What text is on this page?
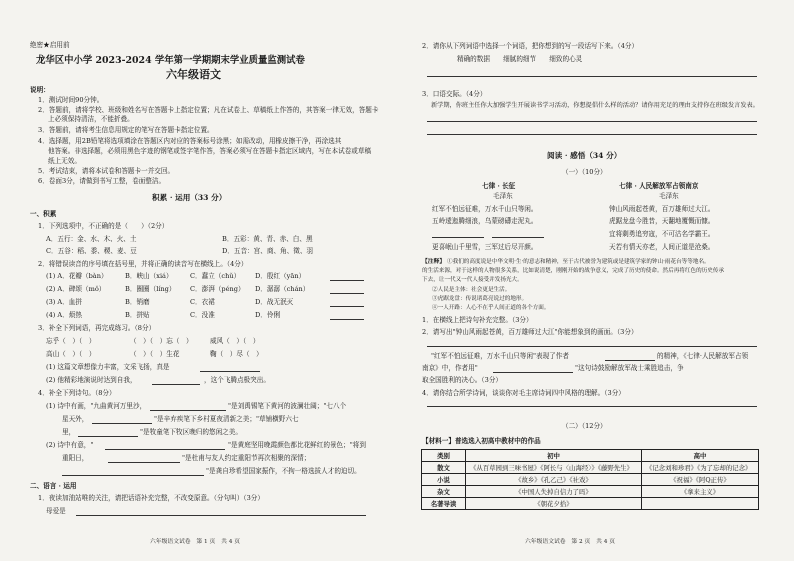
绝密★启用前
龙华区中小学 2023-2024 学年第一学期期末学业质量监测试卷
六年级语文
说明：
1．测试时间90分钟。
2．答题前，请将学校、班级和姓名写在答题卡上指定位置；凡在试卷上、草稿纸上作答的，其答案一律无效，答题卡
上必须保持清洁，不能折叠。
3．答题前，请将考生信息用规定的笔写在答题卡指定位置。
4．选择题，用2B铅笔将选项填涂在答题区内对应的答案标号涂黑；如需改动，用橡皮擦干净，再涂选其
他答案。非选择题，必须用黑色字迹的钢笔或签字笔作答，答案必须写在答题卡指定区域内，写在本试卷或草稿
纸上无效。
5．考试结束，请将本试卷和答题卡一并交回。
6．卷面3分，请做到书写工整，卷面整洁。
积累 · 运用（33 分）
一、积累
1．下列选项中，不正确的是（　　）（2分）
A．五行：金、水、木、火、土	B．五彩：黄、青、赤、白、黑
C．五谷：稻、黍、稷、麦、豆	D．五音：宫、商、角、徵、羽
2．将错误读音的序号填在括号里，并将正确的读音写在横线上。（4分）
(1) A．花瓣（bàn）	B．峡山（xiá）	C．蠢立（chǔ） D．殷红（yān）
(2) A．碑颂（mǒ）	B．圈圈（líng） C．澎湃（péng） D．潺潺（chán）
(3) A．血拼	B．销磨	C．衣裙	D．战无泯灭
(4) A．烦热	B．拼贴	C．没准	D．伶俐
3．补全下列词语，再完成练习。（8分）
忘乎（　）（　）	（　）（　）忘（　）	威风（　）（　）
高山（　）（　）	（　）（　）生花	鞠（　）尽（　）
(1) 这篇文章想像力丰富，文采飞扬，真是
(2) 他精彩地演说时达到自我，	，这个飞腾点极突出。
4．补全下列诗句。（8分）
(1) 诗中有画，"九曲黄河万里沙，	"是刘禹锡笔下黄河的波澜壮阔；"七八个
星天外，	"是辛弃疾笔下乡村夏夜清新之美；"草铺横野六七
里，	"是牧童笔下牧区晚归的悠闲之美。
(2) 诗中有意，"	"是黄庭坚用晚霞颜色都比花鲜红的景色；"将到
重阳日，	"是杜甫与友人约定重阳节再次相聚的深情；
"是龚自珍希望国家振作，不拘一格选拔人才的迫切。
二、语言 · 运用
1．夜读加油站唯的关注，请把话语补充完整，不改变原意。（分句叫）（3分）
母爱是
六年级语文试卷　第 1 页　共 4 页
2．请你从下列词语中选择一个词语，把你想到的写一段话写下来。（4分）
精确的数据　　细腻的细节　　细致的心灵
3．口语交际。（4分）
新学期，你班主任你大加强学生开展读书学习活动，你想提倡什么样的活动？请你用充足的理由支持你在班级发言发表。
阅读 · 感悟（34 分）
（一）（10分）
七律 · 长征
毛泽东
红军不怕远征难，万水千山只等闲。
五岭逶迤腾细浪，乌蒙磅礴走泥丸。
更喜岷山千里雪，三军过后尽开颜。
七律 · 人民解放军占领南京
毛泽东
钟山风雨起苍黄，百万雄师过大江。
虎踞龙盘今胜昔，天翻地覆慨而慷。
宜将剩勇追穷寇，不可沽名学霸王。
天若有情天亦老，人间正道是沧桑。
【注释】 ①我们的高度说是中华文明·生·的意志和精神，至于古代被誉为建筑或是建筑学家的钟山·雨花台等等地名。
的生活来源，对于这样的人物很多关系，比如说清楚，刚刚开始的战争意义，完成了历史的使命。然后再将红色的历史传承
下去，让一代又一代人接受并发扬光大。
②人民是主体：社会更是生活。
③虎踞龙盘：传说诸葛亮说过的地形。
④一人开路：人心不在乎人间正道的各个方面。
1．在横线上把诗句补充完整。（3分）
2．请写出"钟山风雨起苍黄，百万雄师过大江"你能想象到的画面。（3分）
"红军不怕远征难，万水千山只等闲"表现了作者	的精神，《七律·人民解放军占领
南京》中，作者用"	"这句诗鼓励解放军战士乘胜追击，争
取全国胜利的决心。（3分）
4．请你结合所学诗词，谈谈你对毛主席诗词四中风格的理解。（3分）
（二）（12分）
【材料一】普选选入初高中教材中的作品
类别	初中	高中
散文	《从百草园到三味书屋》《阿长与〈山海经〉》《藤野先生》	《记念刘和珍君》《为了忘却的记念》
小说	《故乡》《孔乙己》《社戏》	《祝福》《阿Q正传》
杂文	《中国人失掉自信力了吗》	《拿来主义》
名著导读	《朝花夕拾》	
六年级语文试卷　第 2 页　共 4 页
